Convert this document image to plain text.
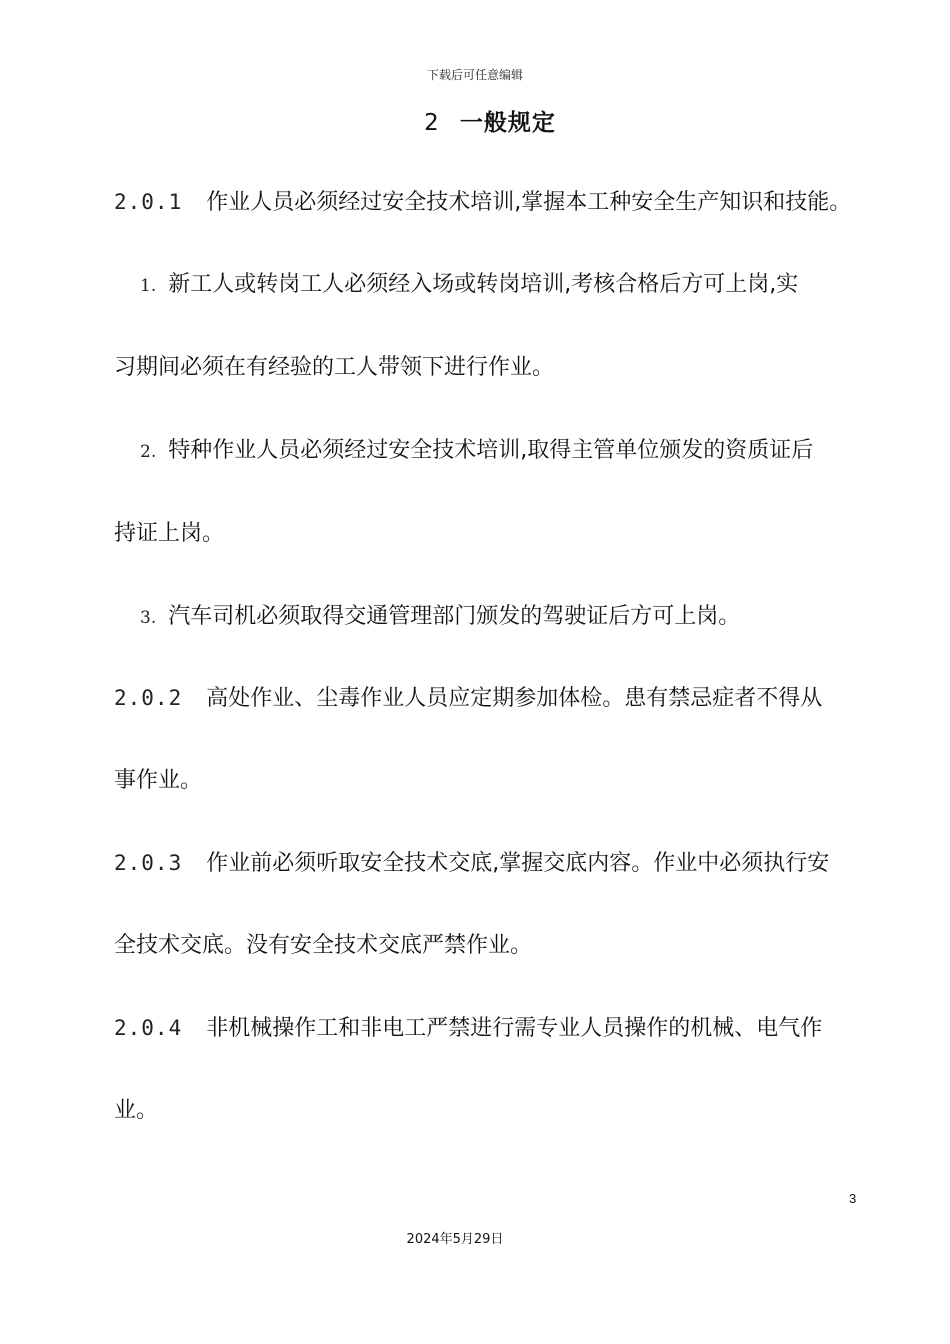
下载后可任意编辑
2 一般规定
2.0.1 作业人员必须经过安全技术培训,掌握本工种安全生产知识和技能。
1. 新工人或转岗工人必须经入场或转岗培训,考核合格后方可上岗,实
习期间必须在有经验的工人带领下进行作业。
2. 特种作业人员必须经过安全技术培训,取得主管单位颁发的资质证后
持证上岗。
3. 汽车司机必须取得交通管理部门颁发的驾驶证后方可上岗。
2.0.2 高处作业、尘毒作业人员应定期参加体检。患有禁忌症者不得从
事作业。
2.0.3 作业前必须听取安全技术交底,掌握交底内容。作业中必须执行安
全技术交底。没有安全技术交底严禁作业。
2.0.4 非机械操作工和非电工严禁进行需专业人员操作的机械、电气作
业。
3
2024年5月29日
